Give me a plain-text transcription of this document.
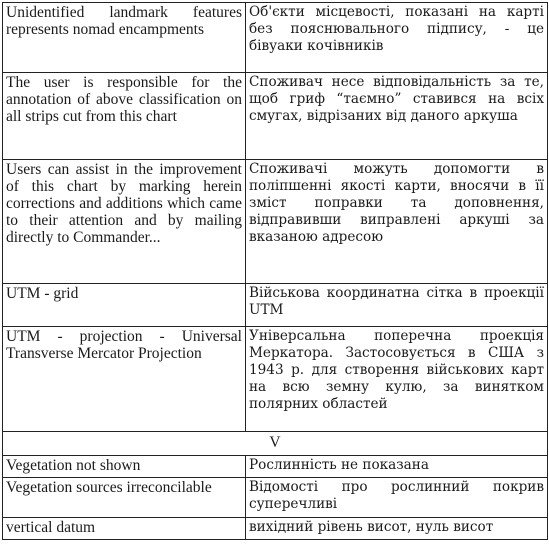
Unidentified landmark features represents nomad encampments	Об'єкти місцевості, показані на карті без пояснювального підпису, - це бівуаки кочівників
The user is responsible for the annotation of above classification on all strips cut from this chart	Споживач несе відповідальність за те, щоб гриф “таємно” ставився на всіх смугах, відрізаних від даного аркуша
Users can assist in the improvement of this chart by marking herein corrections and additions which came to their attention and by mailing directly to Commander...	Споживачі можуть допомогти в поліпшенні якості карти, вносячи в її зміст поправки та доповнення, відправивши виправлені аркуші за вказаною адресою
UTM - grid	Військова координатна сітка в проекції UTM
UTM - projection - Universal Transverse Mercator Projection	Універсальна поперечна проекція Меркатора. Застосовується в США з 1943 р. для створення військових карт на всю земну кулю, за винятком полярних областей
V	
Vegetation not shown	Рослинність не показана
Vegetation sources irreconcilable	Відомості про рослинний покрив суперечливі
vertical datum	вихідний рівень висот, нуль висот
